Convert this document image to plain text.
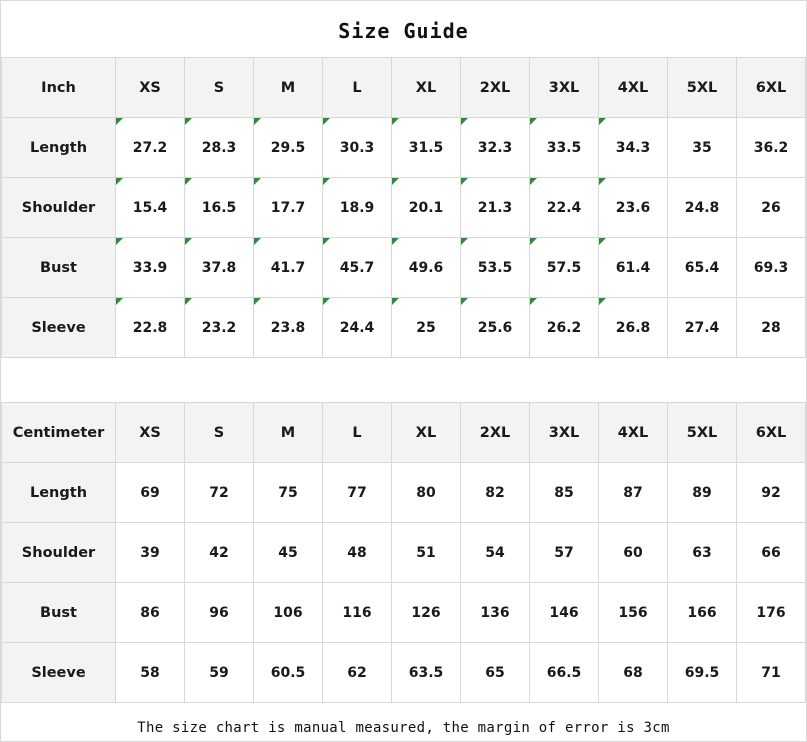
Size Guide
Inch	XS	S	M	L	XL	2XL	3XL	4XL	5XL	6XL
Length	27.2	28.3	29.5	30.3	31.5	32.3	33.5	34.3	35	36.2
Shoulder	15.4	16.5	17.7	18.9	20.1	21.3	22.4	23.6	24.8	26
Bust	33.9	37.8	41.7	45.7	49.6	53.5	57.5	61.4	65.4	69.3
Sleeve	22.8	23.2	23.8	24.4	25	25.6	26.2	26.8	27.4	28
Centimeter	XS	S	M	L	XL	2XL	3XL	4XL	5XL	6XL
Length	69	72	75	77	80	82	85	87	89	92
Shoulder	39	42	45	48	51	54	57	60	63	66
Bust	86	96	106	116	126	136	146	156	166	176
Sleeve	58	59	60.5	62	63.5	65	66.5	68	69.5	71
The size chart is manual measured, the margin of error is 3cm
